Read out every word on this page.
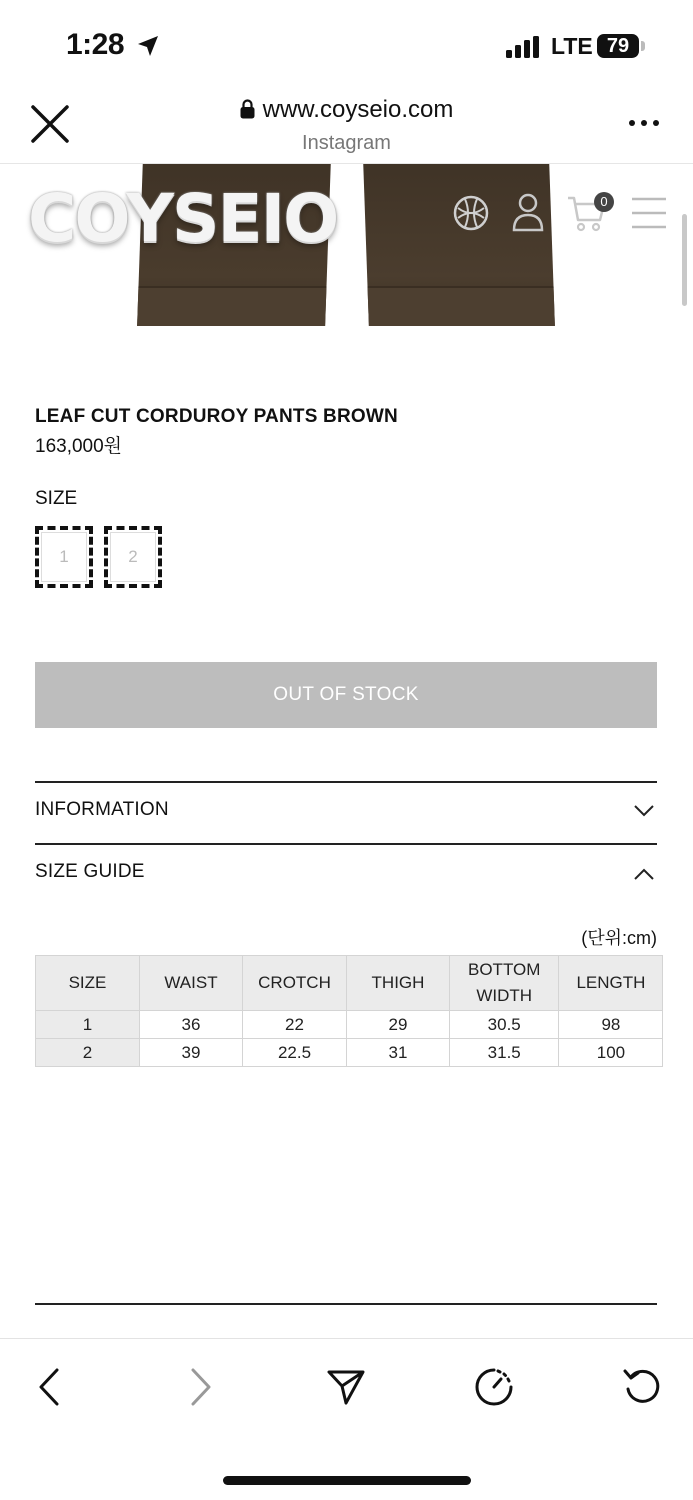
1:28	LTE 79
www.coyseio.com
Instagram
COYSEIO	0
LEAF CUT CORDUROY PANTS BROWN
163,000원
SIZE
1	2
OUT OF STOCK
INFORMATION
SIZE GUIDE
(단위:cm)
SIZE	WAIST	CROTCH	THIGH	BOTTOM WIDTH	LENGTH
1	36	22	29	30.5	98
2	39	22.5	31	31.5	100
